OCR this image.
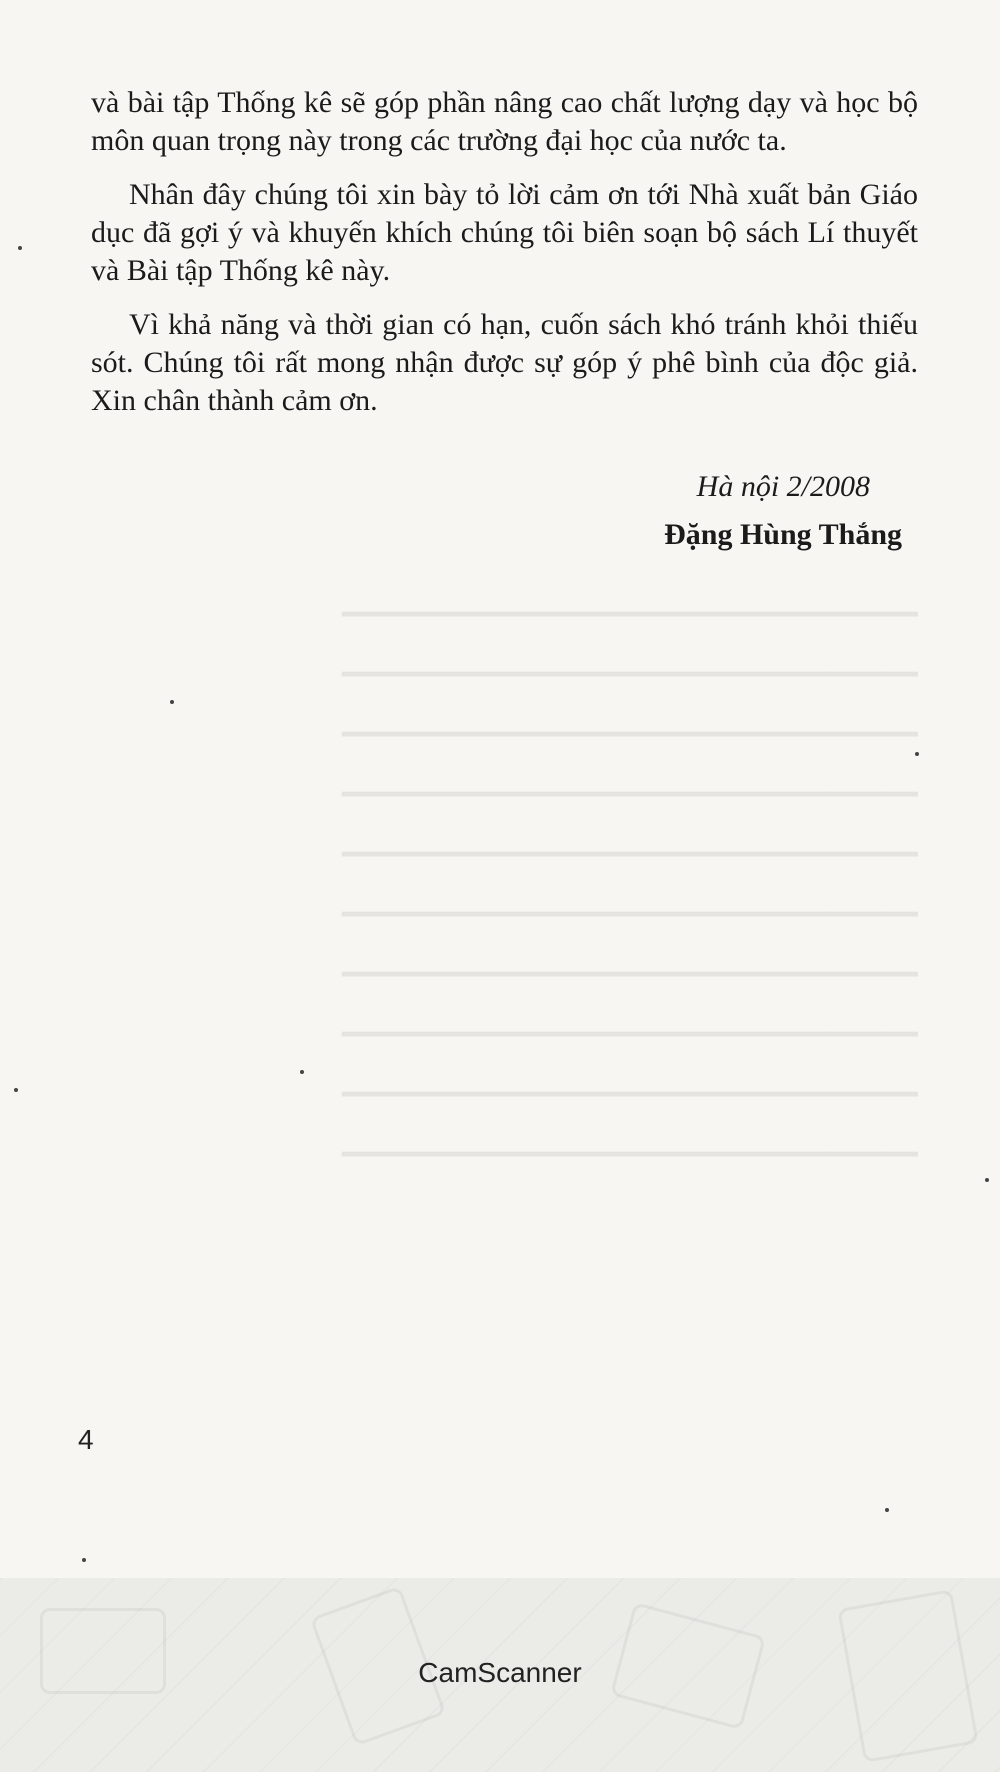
━━━━━━━━━━━━━━━━━━━━━━━━━━━━━━━━━
━━━━━━━━━━━━━━━━━━━━━━━━━━━━━━━━━
━━━━━━━━━━━━━━━━━━━━━━━━━━━━━━━━━
━━━━━━━━━━━━━━━━━━━━━━━━━━━━━━━━━
━━━━━━━━━━━━━━━━━━━━━━━━━━━━━━━━━
━━━━━━━━━━━━━━━━━━━━━━━━━━━━━━━━━
━━━━━━━━━━━━━━━━━━━━━━━━━━━━━━━━━
━━━━━━━━━━━━━━━━━━━━━━━━━━━━━━━━━
━━━━━━━━━━━━━━━━━━━━━━━━━━━━━━━━━
━━━━━━━━━━━━━━━━━━━━━━━━━━━━━━━━━

và bài tập Thống kê sẽ góp phần nâng cao chất lượng dạy và học bộ môn quan trọng này trong các trường đại học của nước ta.

Nhân đây chúng tôi xin bày tỏ lời cảm ơn tới Nhà xuất bản Giáo dục đã gợi ý và khuyến khích chúng tôi biên soạn bộ sách Lí thuyết và Bài tập Thống kê này.

Vì khả năng và thời gian có hạn, cuốn sách khó tránh khỏi thiếu sót. Chúng tôi rất mong nhận được sự góp ý phê bình của độc giả. Xin chân thành cảm ơn.

Hà nội 2/2008
Đặng Hùng Thắng
4
CamScanner
